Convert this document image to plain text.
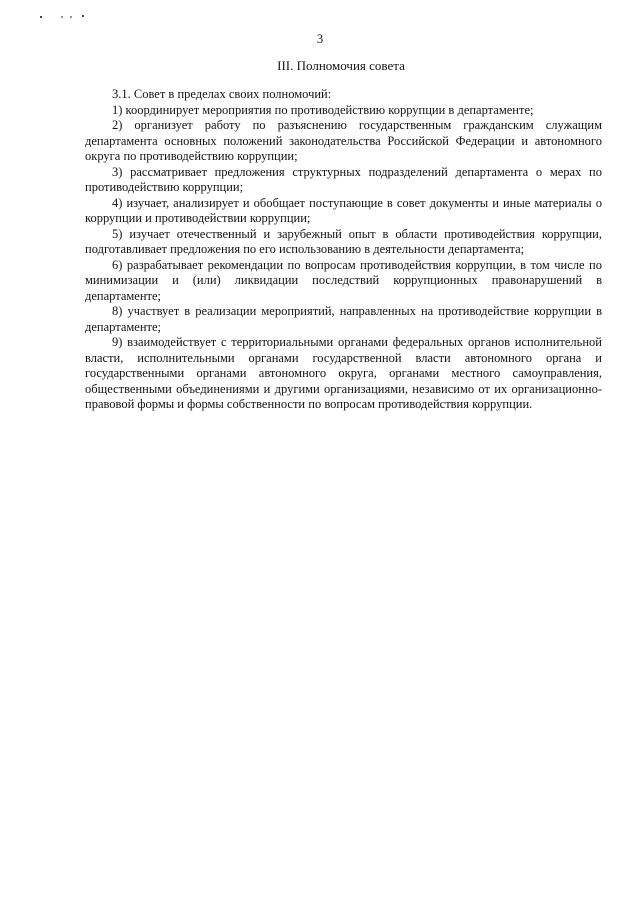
3
III. Полномочия совета

3.1. Совет в пределах своих полномочий:

1) координирует мероприятия по противодействию коррупции в департаменте;

2) организует работу по разъяснению государственным гражданским служащим департамента основных положений законодательства Российской Федерации и автономного округа по противодействию коррупции;

3) рассматривает предложения структурных подразделений департамента о мерах по противодействию коррупции;

4) изучает, анализирует и обобщает поступающие в совет документы и иные материалы о коррупции и противодействии коррупции;

5) изучает отечественный и зарубежный опыт в области противодействия коррупции, подготавливает предложения по его использованию в деятельности департамента;

6) разрабатывает рекомендации по вопросам противодействия коррупции, в том числе по минимизации и (или) ликвидации последствий коррупционных правонарушений в департаменте;

8) участвует в реализации мероприятий, направленных на противодействие коррупции в департаменте;

9) взаимодействует с территориальными органами федеральных органов исполнительной власти, исполнительными органами государственной власти автономного органа и государственными органами автономного округа, органами местного самоуправления, общественными объединениями и другими организациями, независимо от их организационно-правовой формы и формы собственности по вопросам противодействия коррупции.
